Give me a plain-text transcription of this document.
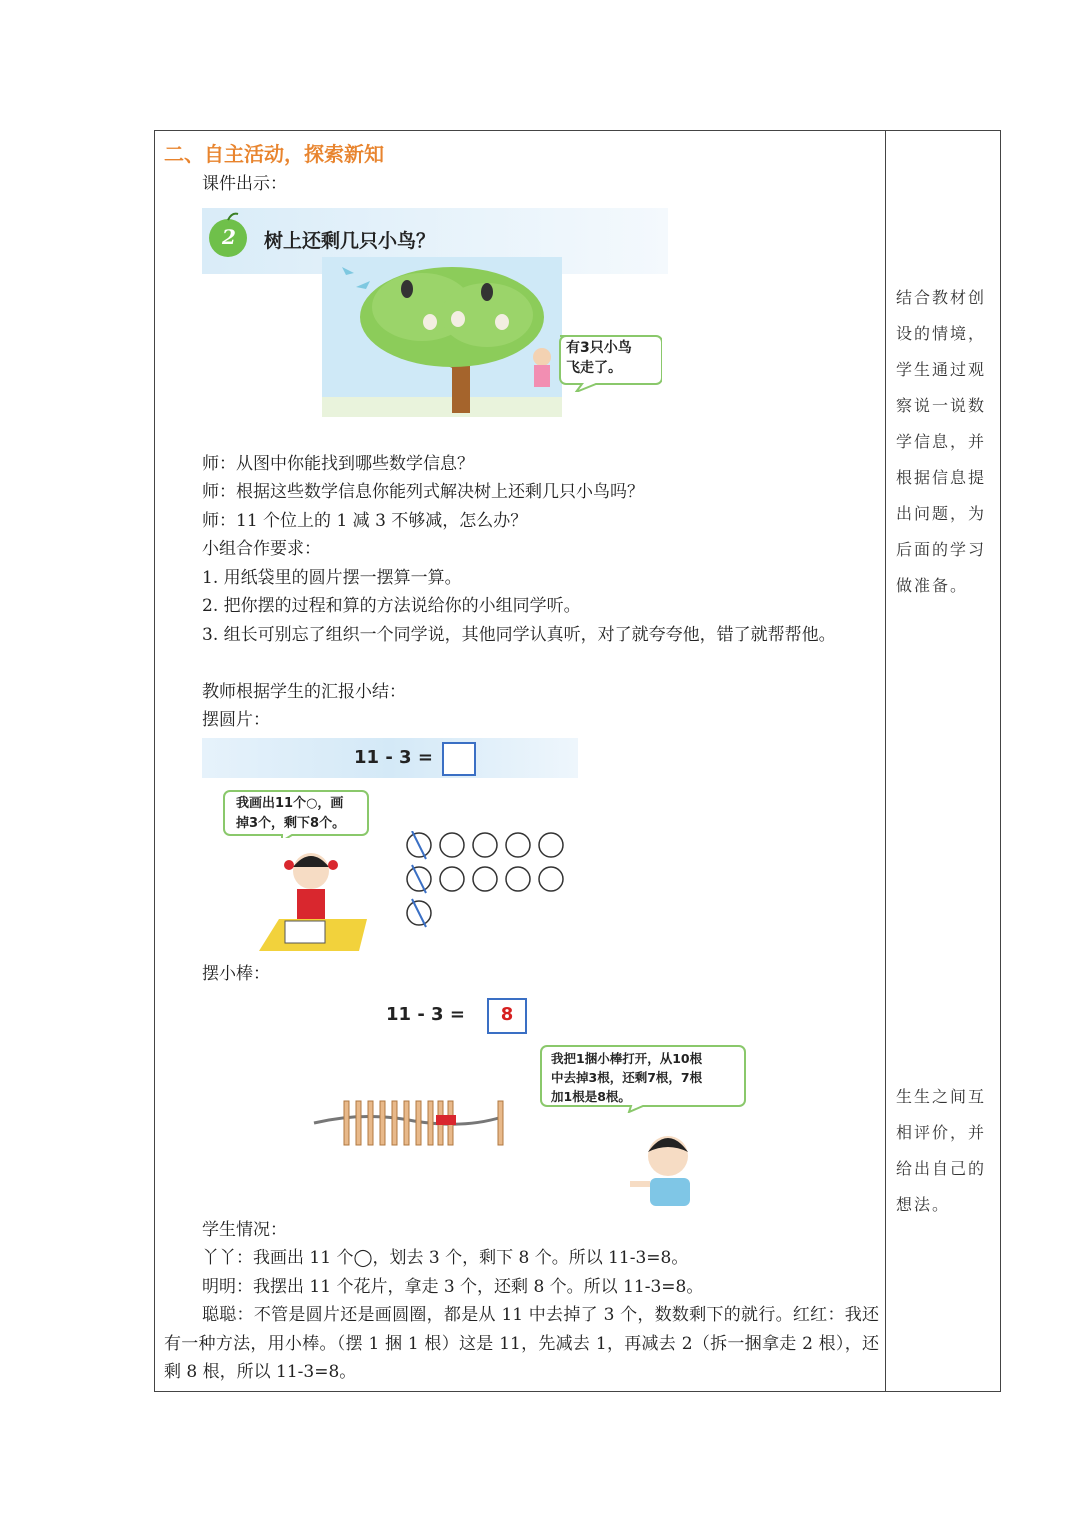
二、自主活动，探索新知
课件出示：
2 树上还剩几只小鸟？
有3只小鸟
飞走了。
师：从图中你能找到哪些数学信息？
师：根据这些数学信息你能列式解决树上还剩几只小鸟吗？
师：11 个位上的 1 减 3 不够减，怎么办？
小组合作要求：
1. 用纸袋里的圆片摆一摆算一算。
2. 把你摆的过程和算的方法说给你的小组同学听。
3. 组长可别忘了组织一个同学说，其他同学认真听，对了就夸夸他，错了就帮帮他。
教师根据学生的汇报小结：
摆圆片：
11 - 3 =
我画出11个○，画
掉3个，剩下8个。
摆小棒：
11 - 3 =	8
我把1捆小棒打开，从10根
中去掉3根，还剩7根，7根
加1根是8根。
学生情况：
丫丫：我画出 11 个◯，划去 3 个，剩下 8 个。所以 11-3=8。
明明：我摆出 11 个花片，拿走 3 个，还剩 8 个。所以 11-3=8。
聪聪：不管是圆片还是画圆圈，都是从 11 中去掉了 3 个，数数剩下的就行。红红：我还有一种方法，用小棒。（摆 1 捆 1 根）这是 11，先减去 1，再减去 2（拆一捆拿走 2 根），还剩 8 根，所以 11-3=8。
结合教材创
设的情境，
学生通过观
察说一说数
学信息，并
根据信息提
出问题，为
后面的学习
做准备。
生生之间互
相评价，并
给出自己的
想法。
